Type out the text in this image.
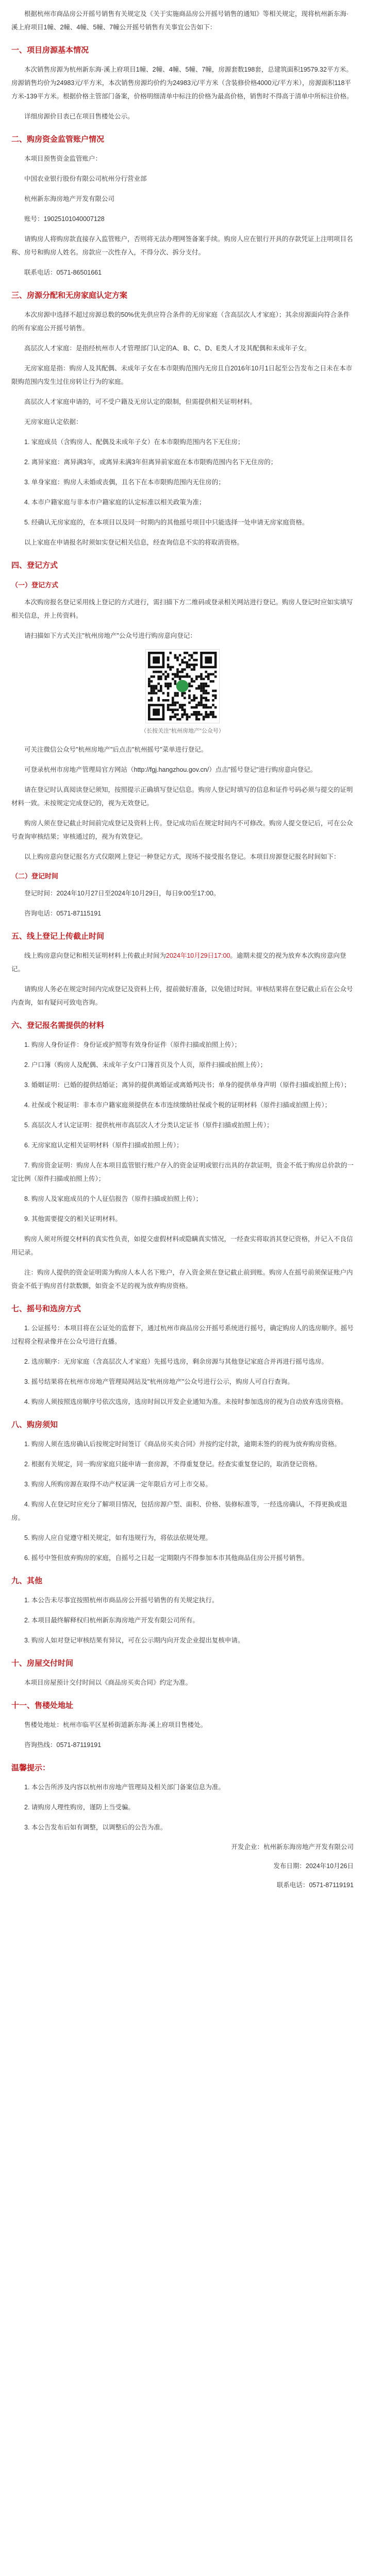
根据杭州市商品房公开摇号销售有关规定及《关于实施商品房公开摇号销售的通知》等相关规定，现将杭州新东海·溪上府项目1幢、2幢、4幢、5幢、7幢公开摇号销售有关事宜公告如下：

一、项目房源基本情况

本次销售房源为杭州新东海·溪上府项目1幢、2幢、4幢、5幢、7幢，房源套数198套，总建筑面积19579.32平方米。房源销售均价为24983元/平方米，本次销售房源均价约为24983元/平方米（含装修价格4000元/平方米），房源面积118平方米-139平方米。根据价格主管部门备案，价格明细清单中标注的价格为最高价格，销售时不得高于清单中所标注价格。

详细房源价目表已在项目售楼处公示。

二、购房资金监管账户情况

本项目预售资金监管账户：

中国农业银行股份有限公司杭州分行营业部

杭州新东海房地产开发有限公司

账号：19025101040007128

请购房人将购房款直接存入监管账户，否则将无法办理网签备案手续。购房人应在银行开具的存款凭证上注明项目名称、房号和购房人姓名。房款应一次性存入，不得分次、拆分支付。

联系电话：0571-86501661

三、房源分配和无房家庭认定方案

本次房源中选择不超过房源总数的50%优先供应符合条件的无房家庭（含高层次人才家庭）；其余房源面向符合条件的所有家庭公开摇号销售。

高层次人才家庭：是指经杭州市人才管理部门认定的A、B、C、D、E类人才及其配偶和未成年子女。

无房家庭是指：购房人及其配偶、未成年子女在本市限购范围内无房且自2016年10月1日起至公告发布之日未在本市限购范围内发生过住房转让行为的家庭。

高层次人才家庭申请的，可不受户籍及无房认定的限制，但需提供相关证明材料。

无房家庭认定依据：

1. 家庭成员（含购房人、配偶及未成年子女）在本市限购范围内名下无住房；

2. 离异家庭：离异满3年，或离异未满3年但离异前家庭在本市限购范围内名下无住房的；

3. 单身家庭：购房人未婚或丧偶，且名下在本市限购范围内无住房的；

4. 本市户籍家庭与非本市户籍家庭的认定标准以相关政策为准；

5. 经确认无房家庭的，在本项目以及同一时期内的其他摇号项目中只能选择一处申请无房家庭资格。

以上家庭在申请报名时须如实登记相关信息，经查询信息不实的将取消资格。

四、登记方式
（一）登记方式

本次购房报名登记采用线上登记的方式进行，需扫描下方二维码或登录相关网站进行登记。购房人登记时应如实填写相关信息，并上传资料。

请扫描如下方式关注"杭州房地产"公众号进行购房意向登记：

（长按关注"杭州房地产"公众号）

可关注微信公众号"杭州房地产"后点击"杭州摇号"菜单进行登记。

可登录杭州市房地产管理局官方网站（http://fgj.hangzhou.gov.cn/）点击"摇号登记"进行购房意向登记。

请在登记时认真阅读登记须知，按照提示正确填写登记信息。购房人登记时填写的信息和证件号码必须与提交的证明材料一致。未按规定完成登记的，视为无效登记。

购房人须在登记截止时间前完成登记及资料上传。登记成功后在规定时间内不可修改。购房人提交登记后，可在公众号查询审核结果；审核通过的，视为有效登记。

以上购房意向登记报名方式仅限网上登记一种登记方式，现场不接受报名登记。本项目房源登记报名时间如下：

（二）登记时间

登记时间：2024年10月27日至2024年10月29日，每日9:00至17:00。

咨询电话：0571-87115191

五、线上登记上传截止时间

线上购房意向登记和相关证明材料上传截止时间为2024年10月29日17:00。逾期未提交的视为放弃本次购房意向登记。

请购房人务必在规定时间内完成登记及资料上传，提前做好准备，以免错过时间。审核结果将在登记截止后在公众号内查询，如有疑问可致电咨询。

六、登记报名需提供的材料

1. 购房人身份证件：身份证或护照等有效身份证件（原件扫描或拍照上传）；

2. 户口簿（购房人及配偶、未成年子女户口簿首页及个人页，原件扫描或拍照上传）；

3. 婚姻证明：已婚的提供结婚证；离异的提供离婚证或离婚判决书；单身的提供单身声明（原件扫描或拍照上传）；

4. 社保或个税证明：非本市户籍家庭须提供在本市连续缴纳社保或个税的证明材料（原件扫描或拍照上传）；

5. 高层次人才认定证明：提供杭州市高层次人才分类认定证书（原件扫描或拍照上传）；

6. 无房家庭认定相关证明材料（原件扫描或拍照上传）；

7. 购房资金证明：购房人在本项目监管银行账户存入的资金证明或银行出具的存款证明，资金不低于购房总价款的一定比例（原件扫描或拍照上传）；

8. 购房人及家庭成员的个人征信报告（原件扫描或拍照上传）；

9. 其他需要提交的相关证明材料。

购房人须对所提交材料的真实性负责，如提交虚假材料或隐瞒真实情况，一经查实将取消其登记资格，并记入不良信用记录。

注：购房人提供的资金证明需为购房人本人名下账户，存入资金须在登记截止前到账。购房人在摇号前须保证账户内资金不低于购房首付款数额，如资金不足的视为放弃购房资格。

七、摇号和选房方式

1. 公证摇号：本项目将在公证处的监督下，通过杭州市商品房公开摇号系统进行摇号，确定购房人的选房顺序。摇号过程将全程录像并在公众号进行直播。

2. 选房顺序：无房家庭（含高层次人才家庭）先摇号选房，剩余房源与其他登记家庭合并再进行摇号选房。

3. 摇号结果将在杭州市房地产管理局网站及"杭州房地产"公众号进行公示，购房人可自行查询。

4. 购房人须按照选房顺序号依次选房，选房时间以开发企业通知为准。未按时参加选房的视为自动放弃选房资格。

八、购房须知

1. 购房人须在选房确认后按规定时间签订《商品房买卖合同》并按约定付款，逾期未签约的视为放弃购房资格。

2. 根据有关规定，同一购房家庭只能申请一套房源，不得重复登记。经查实重复登记的，取消登记资格。

3. 购房人所购房源在取得不动产权证满一定年限后方可上市交易。

4. 购房人在登记时应充分了解项目情况，包括房源户型、面积、价格、装修标准等，一经选房确认，不得更换或退房。

5. 购房人应自觉遵守相关规定，如有违规行为，将依法依规处理。

6. 摇号中签但放弃购房的家庭，自摇号之日起一定期限内不得参加本市其他商品住房公开摇号销售。

九、其他

1. 本公告未尽事宜按照杭州市商品房公开摇号销售的有关规定执行。

2. 本项目最终解释权归杭州新东海房地产开发有限公司所有。

3. 购房人如对登记审核结果有异议，可在公示期内向开发企业提出复核申请。

十、房屋交付时间

本项目房屋预计交付时间以《商品房买卖合同》约定为准。

十一、售楼处地址

售楼处地址：杭州市临平区星桥街道新东海·溪上府项目售楼处。

咨询热线：0571-87119191

温馨提示：

1. 本公告所涉及内容以杭州市房地产管理局及相关部门备案信息为准。

2. 请购房人理性购房，谨防上当受骗。

3. 本公告发布后如有调整，以调整后的公告为准。

开发企业：杭州新东海房地产开发有限公司

发布日期：2024年10月26日

联系电话：0571-87119191
